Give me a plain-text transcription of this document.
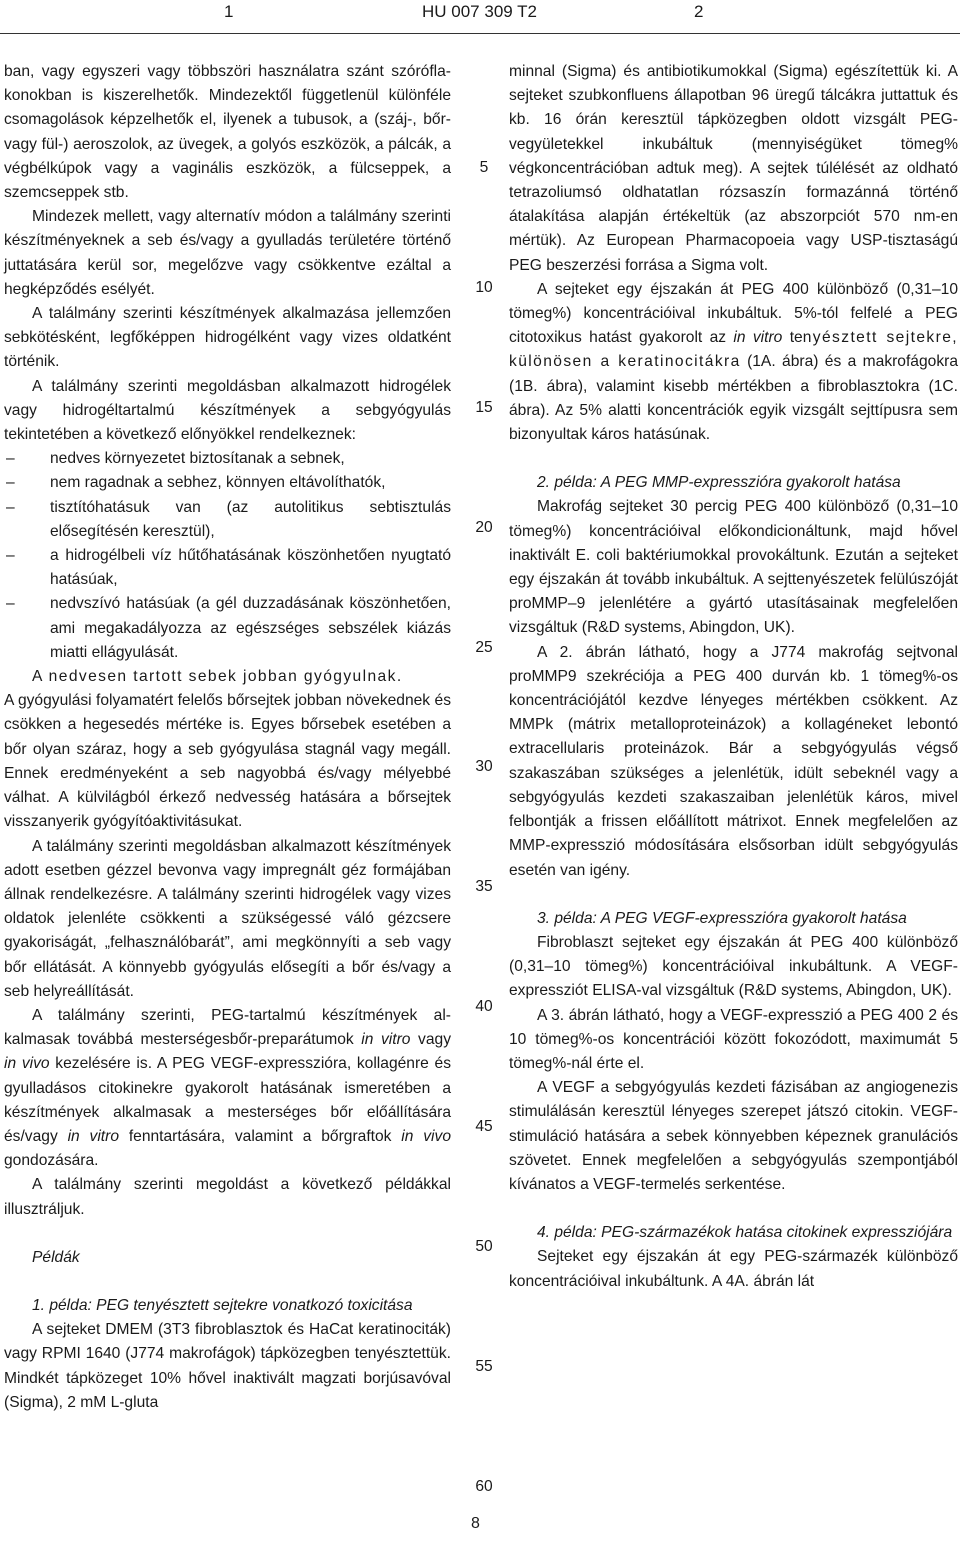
1	HU 007 309 T2	2

ban, vagy egyszeri vagy többszöri használatra szánt szóróflakonokban is kiszerelhetők. Mindezektől függetlenül különféle csomagolások képzelhetők el, ilyenek a tubusok, a (száj-, bőr- vagy fül-) aeroszolok, az üvegek, a golyós eszközök, a pálcák, a végbélkúpok vagy a vaginális eszközök, a fülcseppek, a szemcseppek stb.

Mindezek mellett, vagy alternatív módon a találmány szerinti készítményeknek a seb és/vagy a gyulladás területére történő juttatására kerül sor, megelőzve vagy csökkentve ezáltal a hegképződés esélyét.

A találmány szerinti készítmények alkalmazása jellemzően sebkötésként, legfőképpen hidrogélként vagy vizes oldatként történik.

A találmány szerinti megoldásban alkalmazott hidrogélek vagy hidrogéltartalmú készítmények a sebgyógyulás tekintetében a következő előnyökkel rendelkeznek:

–	nedves környezetet biztosítanak a sebnek,
–	nem ragadnak a sebhez, könnyen eltávolíthatók,
–	tisztítóhatásuk van (az autolitikus sebtisztulás elősegítésén keresztül),
–	a hidrogélbeli víz hűtőhatásának köszönhetően nyugtató hatásúak,
–	nedvszívó hatásúak (a gél duzzadásának köszönhetően, ami megakadályozza az egészséges sebszélek kiázás miatti ellágyulását.

A nedvesen tartott sebek jobban gyógyulnak.

A gyógyulási folyamatért felelős bőrsejtek jobban növekednek és csökken a hegesedés mértéke is. Egyes bőrsebek esetében a bőr olyan száraz, hogy a seb gyógyulása stagnál vagy megáll. Ennek eredményeként a seb nagyobbá és/vagy mélyebbé válhat. A külvilágból érkező nedvesség hatására a bőrsejtek visszanyerik gyógyítóaktivitásukat.

A találmány szerinti megoldásban alkalmazott készítmények adott esetben gézzel bevonva vagy impregnált géz formájában állnak rendelkezésre. A találmány szerinti hidrogélek vagy vizes oldatok jelenléte csökkenti a szükségessé váló gézcsere gyakoriságát, „felhasználóbarát”, ami megkönnyíti a seb vagy bőr ellátását. A könnyebb gyógyulás elősegíti a bőr és/vagy a seb helyreállítását.

A találmány szerinti, PEG-tartalmú készítmények alkalmasak továbbá mesterségesbőr-preparátumok in vitro vagy in vivo kezelésére is. A PEG VEGF-expresszióra, kollagénre és gyulladásos citokinekre gyakorolt hatásának ismeretében a készítmények alkalmasak a mesterséges bőr előállítására és/vagy in vitro fenntartására, valamint a bőrgraftok in vivo gondozására.

A találmány szerinti megoldást a következő példákkal illusztráljuk.

Példák

1. példa: PEG tenyésztett sejtekre vonatkozó toxicitása

A sejteket DMEM (3T3 fibroblasztok és HaCat keratinociták) vagy RPMI 1640 (J774 makrofágok) tápközegben tenyésztettük. Mindkét tápközeget 10% hővel inaktivált magzati borjúsavóval (Sigma), 2 mM L-gluta

minnal (Sigma) és antibiotikumokkal (Sigma) egészítettük ki. A sejteket szubkonfluens állapotban 96 üregű tálcákra juttattuk és kb. 16 órán keresztül tápközegben oldott vizsgált PEG-vegyületekkel inkubáltuk (mennyiségüket tömeg% végkoncentrációban adtuk meg). A sejtek túlélését az oldható tetrazoliumsó oldhatatlan rózsaszín formazánná történő átalakítása alapján értékeltük (az abszorpciót 570 nm-en mértük). Az European Pharmacopoeia vagy USP-tisztaságú PEG beszerzési forrása a Sigma volt.

A sejteket egy éjszakán át PEG 400 különböző (0,31–10 tömeg%) koncentrációival inkubáltuk. 5%-tól felfelé a PEG citotoxikus hatást gyakorolt az in vitro tenyésztett sejtekre, különösen a keratinocitákra (1A. ábra) és a makrofágokra (1B. ábra), valamint kisebb mértékben a fibroblasztokra (1C. ábra). Az 5% alatti koncentrációk egyik vizsgált sejttípusra sem bizonyultak káros hatásúnak.

2. példa: A PEG MMP-expresszióra gyakorolt hatása

Makrofág sejteket 30 percig PEG 400 különböző (0,31–10 tömeg%) koncentrációival előkondicionáltunk, majd hővel inaktivált E. coli baktériumokkal provokáltunk. Ezután a sejteket egy éjszakán át tovább inkubáltuk. A sejttenyészetek felülúszóját proMMP–9 jelenlétére a gyártó utasításainak megfelelően vizsgáltuk (R&D systems, Abingdon, UK).

A 2. ábrán látható, hogy a J774 makrofág sejtvonal proMMP9 szekréciója a PEG 400 durván kb. 1 tömeg%-os koncentrációjától kezdve lényeges mértékben csökkent. Az MMPk (mátrix metalloproteinázok) a kollagéneket lebontó extracellularis proteinázok. Bár a sebgyógyulás végső szakaszában szükséges a jelenlétük, idült sebeknél vagy a sebgyógyulás kezdeti szakaszaiban jelenlétük káros, mivel felbontják a frissen előállított mátrixot. Ennek megfelelően az MMP-expresszió módosítására elsősorban idült sebgyógyulás esetén van igény.

3. példa: A PEG VEGF-expresszióra gyakorolt hatása

Fibroblaszt sejteket egy éjszakán át PEG 400 különböző (0,31–10 tömeg%) koncentrációival inkubáltunk. A VEGF-expressziót ELISA-val vizsgáltuk (R&D systems, Abingdon, UK).

A 3. ábrán látható, hogy a VEGF-expresszió a PEG 400 2 és 10 tömeg%-os koncentrációi között fokozódott, maximumát 5 tömeg%-nál érte el.

A VEGF a sebgyógyulás kezdeti fázisában az angiogenezis stimulálásán keresztül lényeges szerepet játszó citokin. VEGF-stimuláció hatására a sebek könnyebben képeznek granulációs szövetet. Ennek megfelelően a sebgyógyulás szempontjából kívánatos a VEGF-termelés serkentése.

4. példa: PEG-származékok hatása citokinek expressziójára

Sejteket egy éjszakán át egy PEG-származék különböző koncentrációival inkubáltunk. A 4A. ábrán lát

5
10
15
20
25
30
35
40
45
50
55
60
8
